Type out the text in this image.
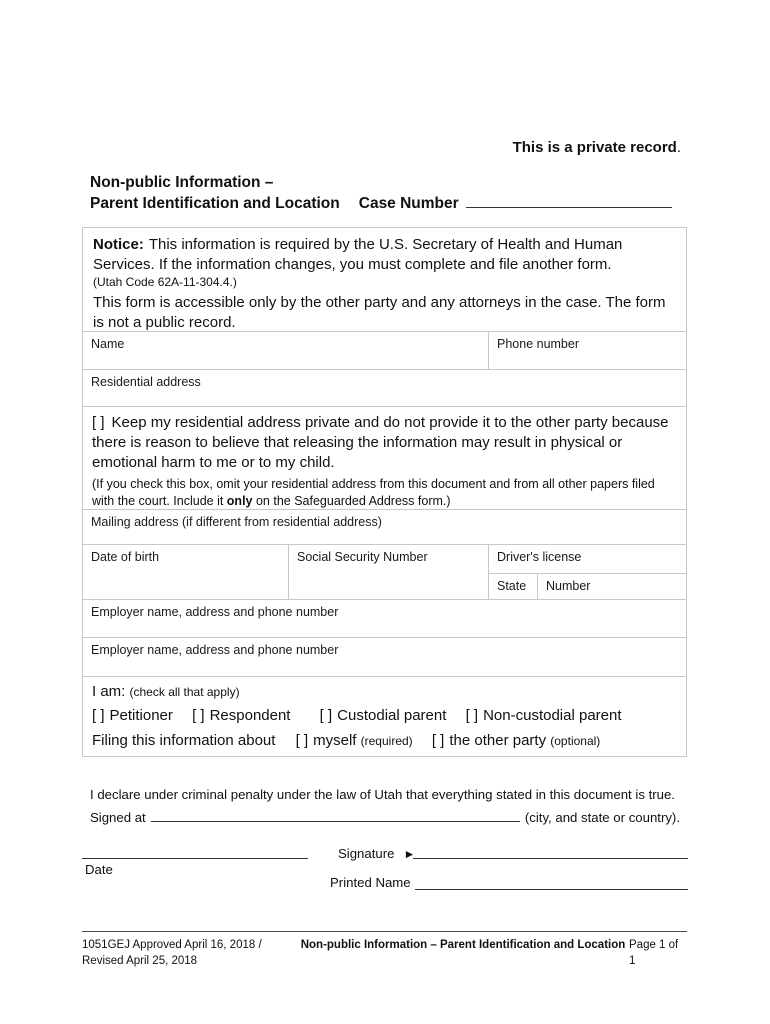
This is a private record.
Non-public Information –
Parent Identification and Location Case Number
Notice: This information is required by the U.S. Secretary of Health and Human Services. If the information changes, you must complete and file another form.
(Utah Code 62A-11-304.4.)
This form is accessible only by the other party and any attorneys in the case. The form is not a public record.
Name	Phone number
Residential address
[ ] Keep my residential address private and do not provide it to the other party because there is reason to believe that releasing the information may result in physical or emotional harm to me or to my child.
(If you check this box, omit your residential address from this document and from all other papers filed with the court. Include it only on the Safeguarded Address form.)
Mailing address (if different from residential address)
Date of birth	Social Security Number	Driver's license
State	Number
Employer name, address and phone number
Employer name, address and phone number
I am: (check all that apply)
[ ] Petitioner [ ] Respondent [ ] Custodial parent [ ] Non-custodial parent
Filing this information about [ ] myself (required) [ ] the other party (optional)
I declare under criminal penalty under the law of Utah that everything stated in this document is true.
Signed at	(city, and state or country).
Date
Signature ►
Printed Name
1051GEJ Approved April 16, 2018 /
Revised April 25, 2018
Non-public Information – Parent Identification and Location Page 1 of 1
